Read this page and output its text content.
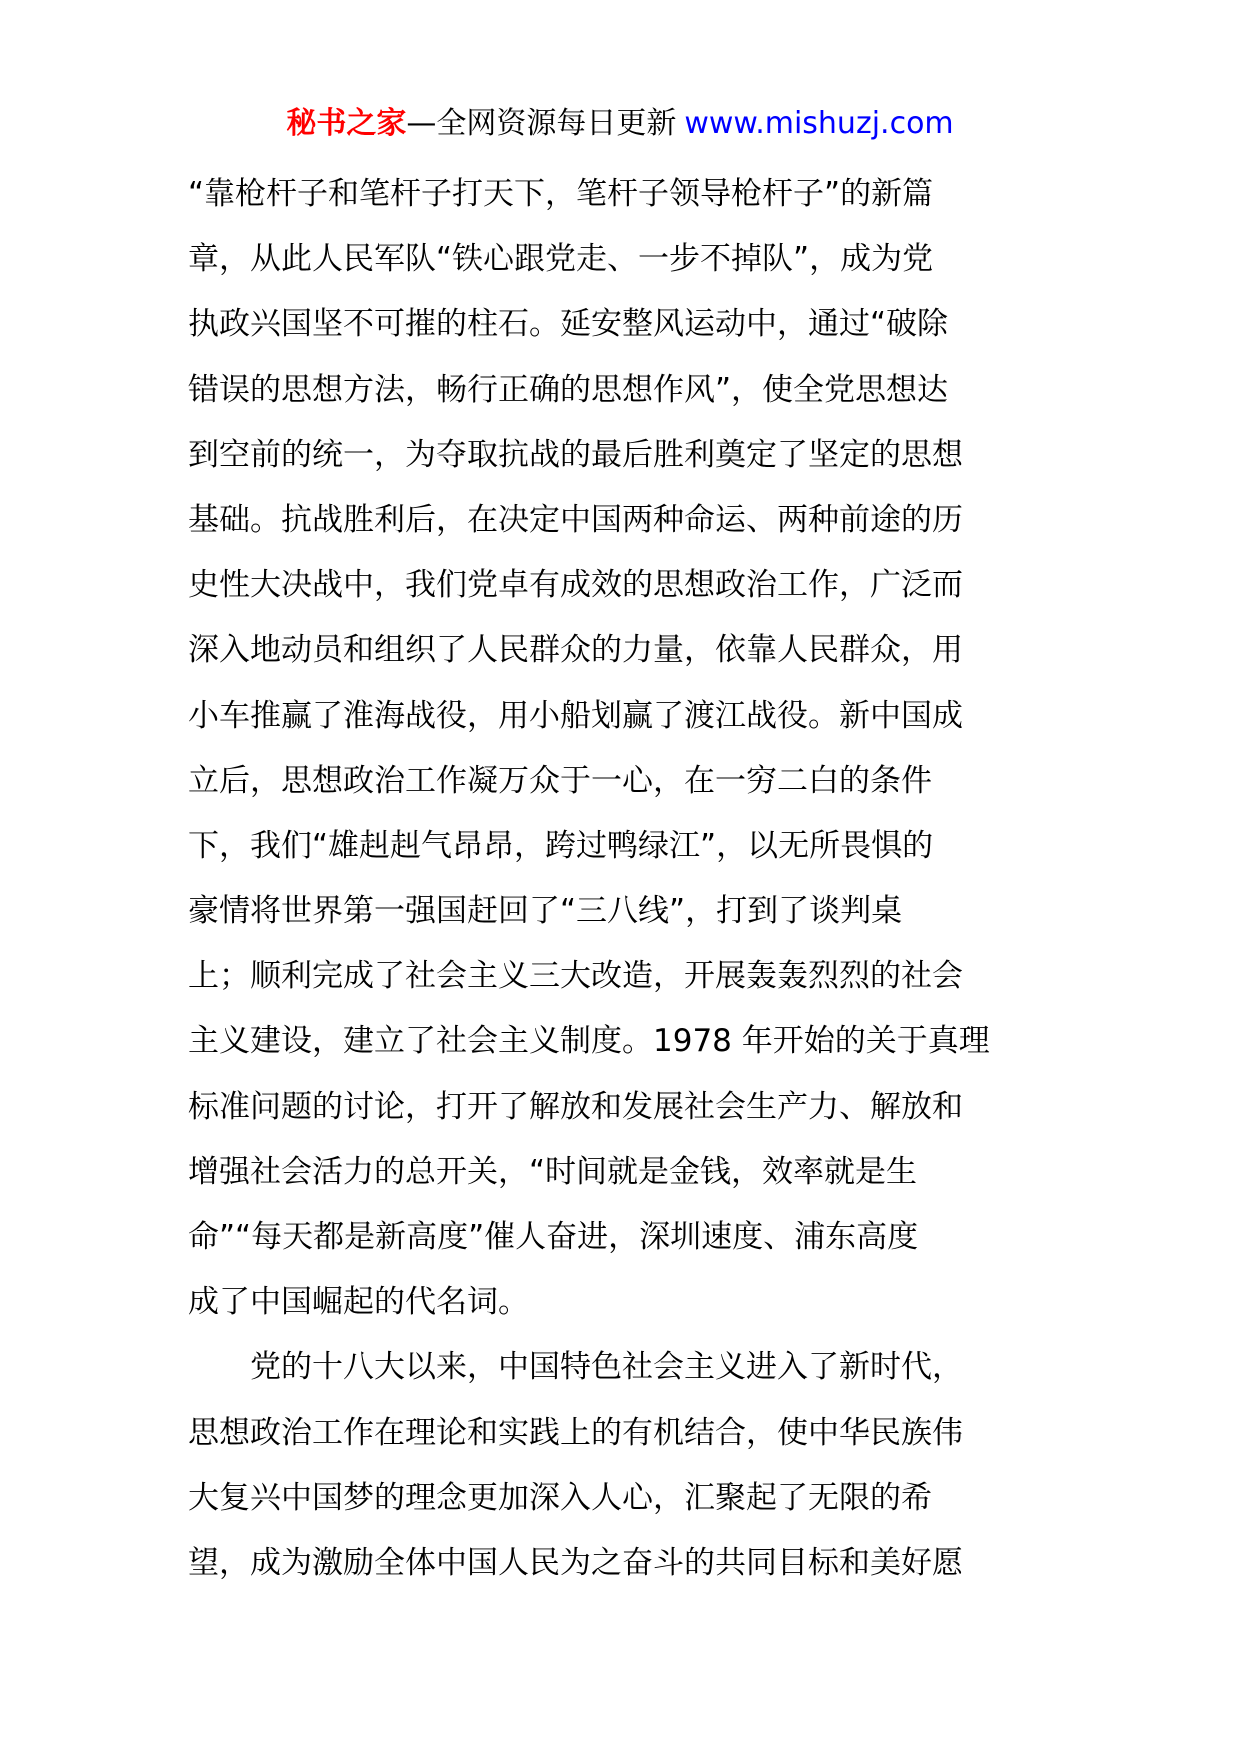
秘书之家—全网资源每日更新 www.mishuzj.com
“靠枪杆子和笔杆子打天下，笔杆子领导枪杆子”的新篇
章，从此人民军队“铁心跟党走、一步不掉队”，成为党
执政兴国坚不可摧的柱石。延安整风运动中，通过“破除
错误的思想方法，畅行正确的思想作风”，使全党思想达
到空前的统一，为夺取抗战的最后胜利奠定了坚定的思想
基础。抗战胜利后，在决定中国两种命运、两种前途的历
史性大决战中，我们党卓有成效的思想政治工作，广泛而
深入地动员和组织了人民群众的力量，依靠人民群众，用
小车推赢了淮海战役，用小船划赢了渡江战役。新中国成
立后，思想政治工作凝万众于一心，在一穷二白的条件
下，我们“雄赳赳气昂昂，跨过鸭绿江”，以无所畏惧的
豪情将世界第一强国赶回了“三八线”，打到了谈判桌
上；顺利完成了社会主义三大改造，开展轰轰烈烈的社会
主义建设，建立了社会主义制度。1978 年开始的关于真理
标准问题的讨论，打开了解放和发展社会生产力、解放和
增强社会活力的总开关，“时间就是金钱，效率就是生
命”“每天都是新高度”催人奋进，深圳速度、浦东高度
成了中国崛起的代名词。
　　党的十八大以来，中国特色社会主义进入了新时代，
思想政治工作在理论和实践上的有机结合，使中华民族伟
大复兴中国梦的理念更加深入人心，汇聚起了无限的希
望，成为激励全体中国人民为之奋斗的共同目标和美好愿
